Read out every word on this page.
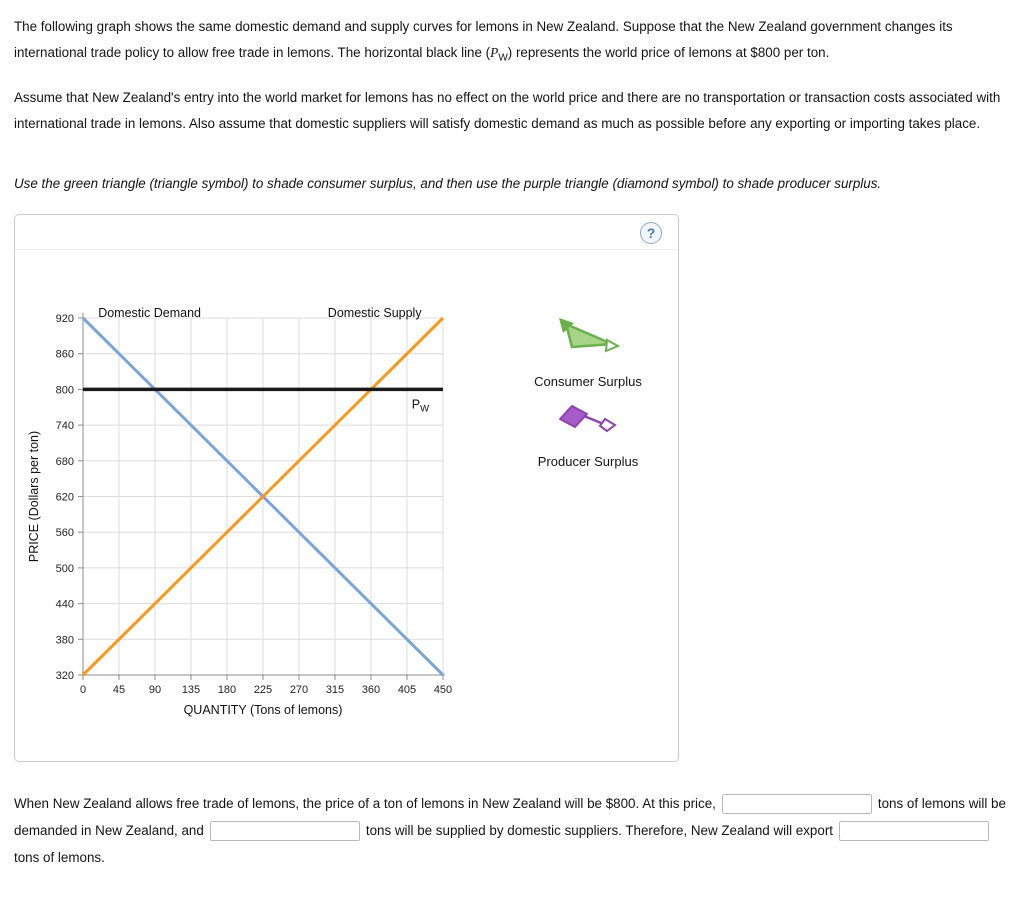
The following graph shows the same domestic demand and supply curves for lemons in New Zealand. Suppose that the New Zealand government changes its international trade policy to allow free trade in lemons. The horizontal black line $(P_W)$ represents the world price of lemons at $800 per ton.

Assume that New Zealand's entry into the world market for lemons has no effect on the world price and there are no transportation or transaction costs associated with international trade in lemons. Also assume that domestic suppliers will satisfy domestic demand as much as possible before any exporting or importing takes place.

Use the green triangle (triangle symbol) to shade consumer surplus, and then use the purple triangle (diamond symbol) to shade producer surplus.

?
320
380
440
500
560
620
680
740
800
860
920
0 45 90 135 180 225 270 315 360 405 450
Domestic Demand	Domestic Supply
$P_W$
QUANTITY (Tons of lemons)
PRICE (Dollars per ton)
Consumer Surplus
Producer Surplus
When New Zealand allows free trade of lemons, the price of a ton of lemons in New Zealand will be $800. At this price,	tons of lemons will be demanded in New Zealand, and	tons will be supplied by domestic suppliers. Therefore, New Zealand will exporttons of lemons.
